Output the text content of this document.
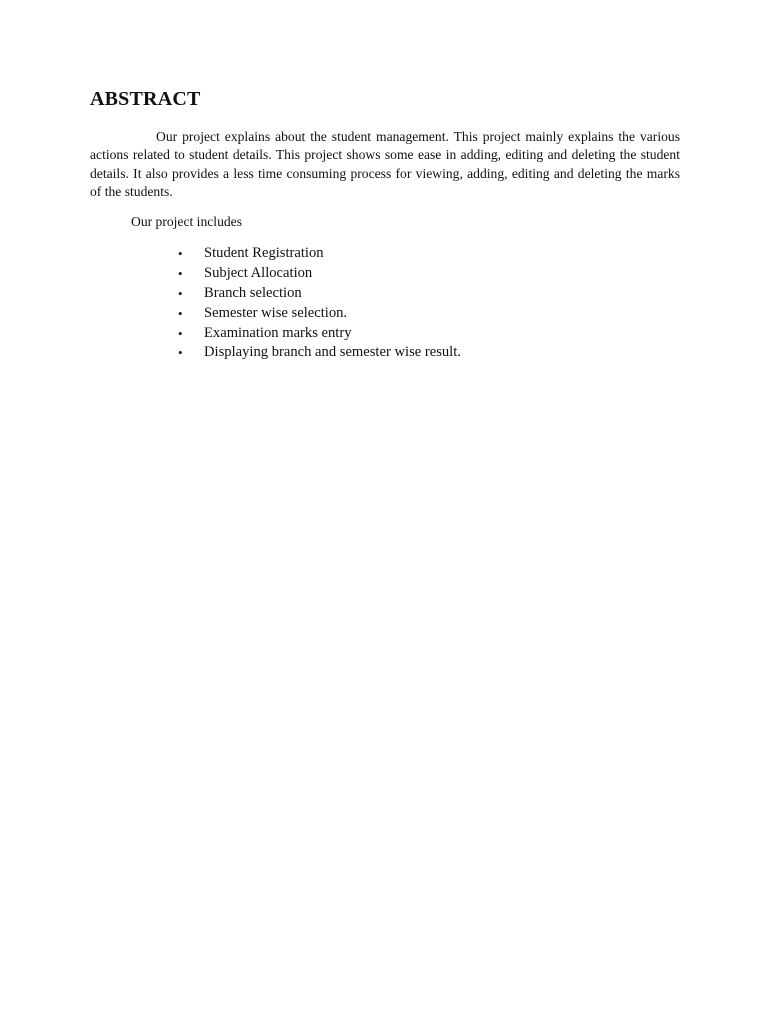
ABSTRACT

Our project explains about the student management. This project mainly explains the various actions related to student details. This project shows some ease in adding, editing and deleting the student details. It also provides a less time consuming process for viewing, adding, editing and deleting the marks of the students.

Our project includes

•	Student Registration
•	Subject Allocation
•	Branch selection
•	Semester wise selection.
•	Examination marks entry
•	Displaying branch and semester wise result.
